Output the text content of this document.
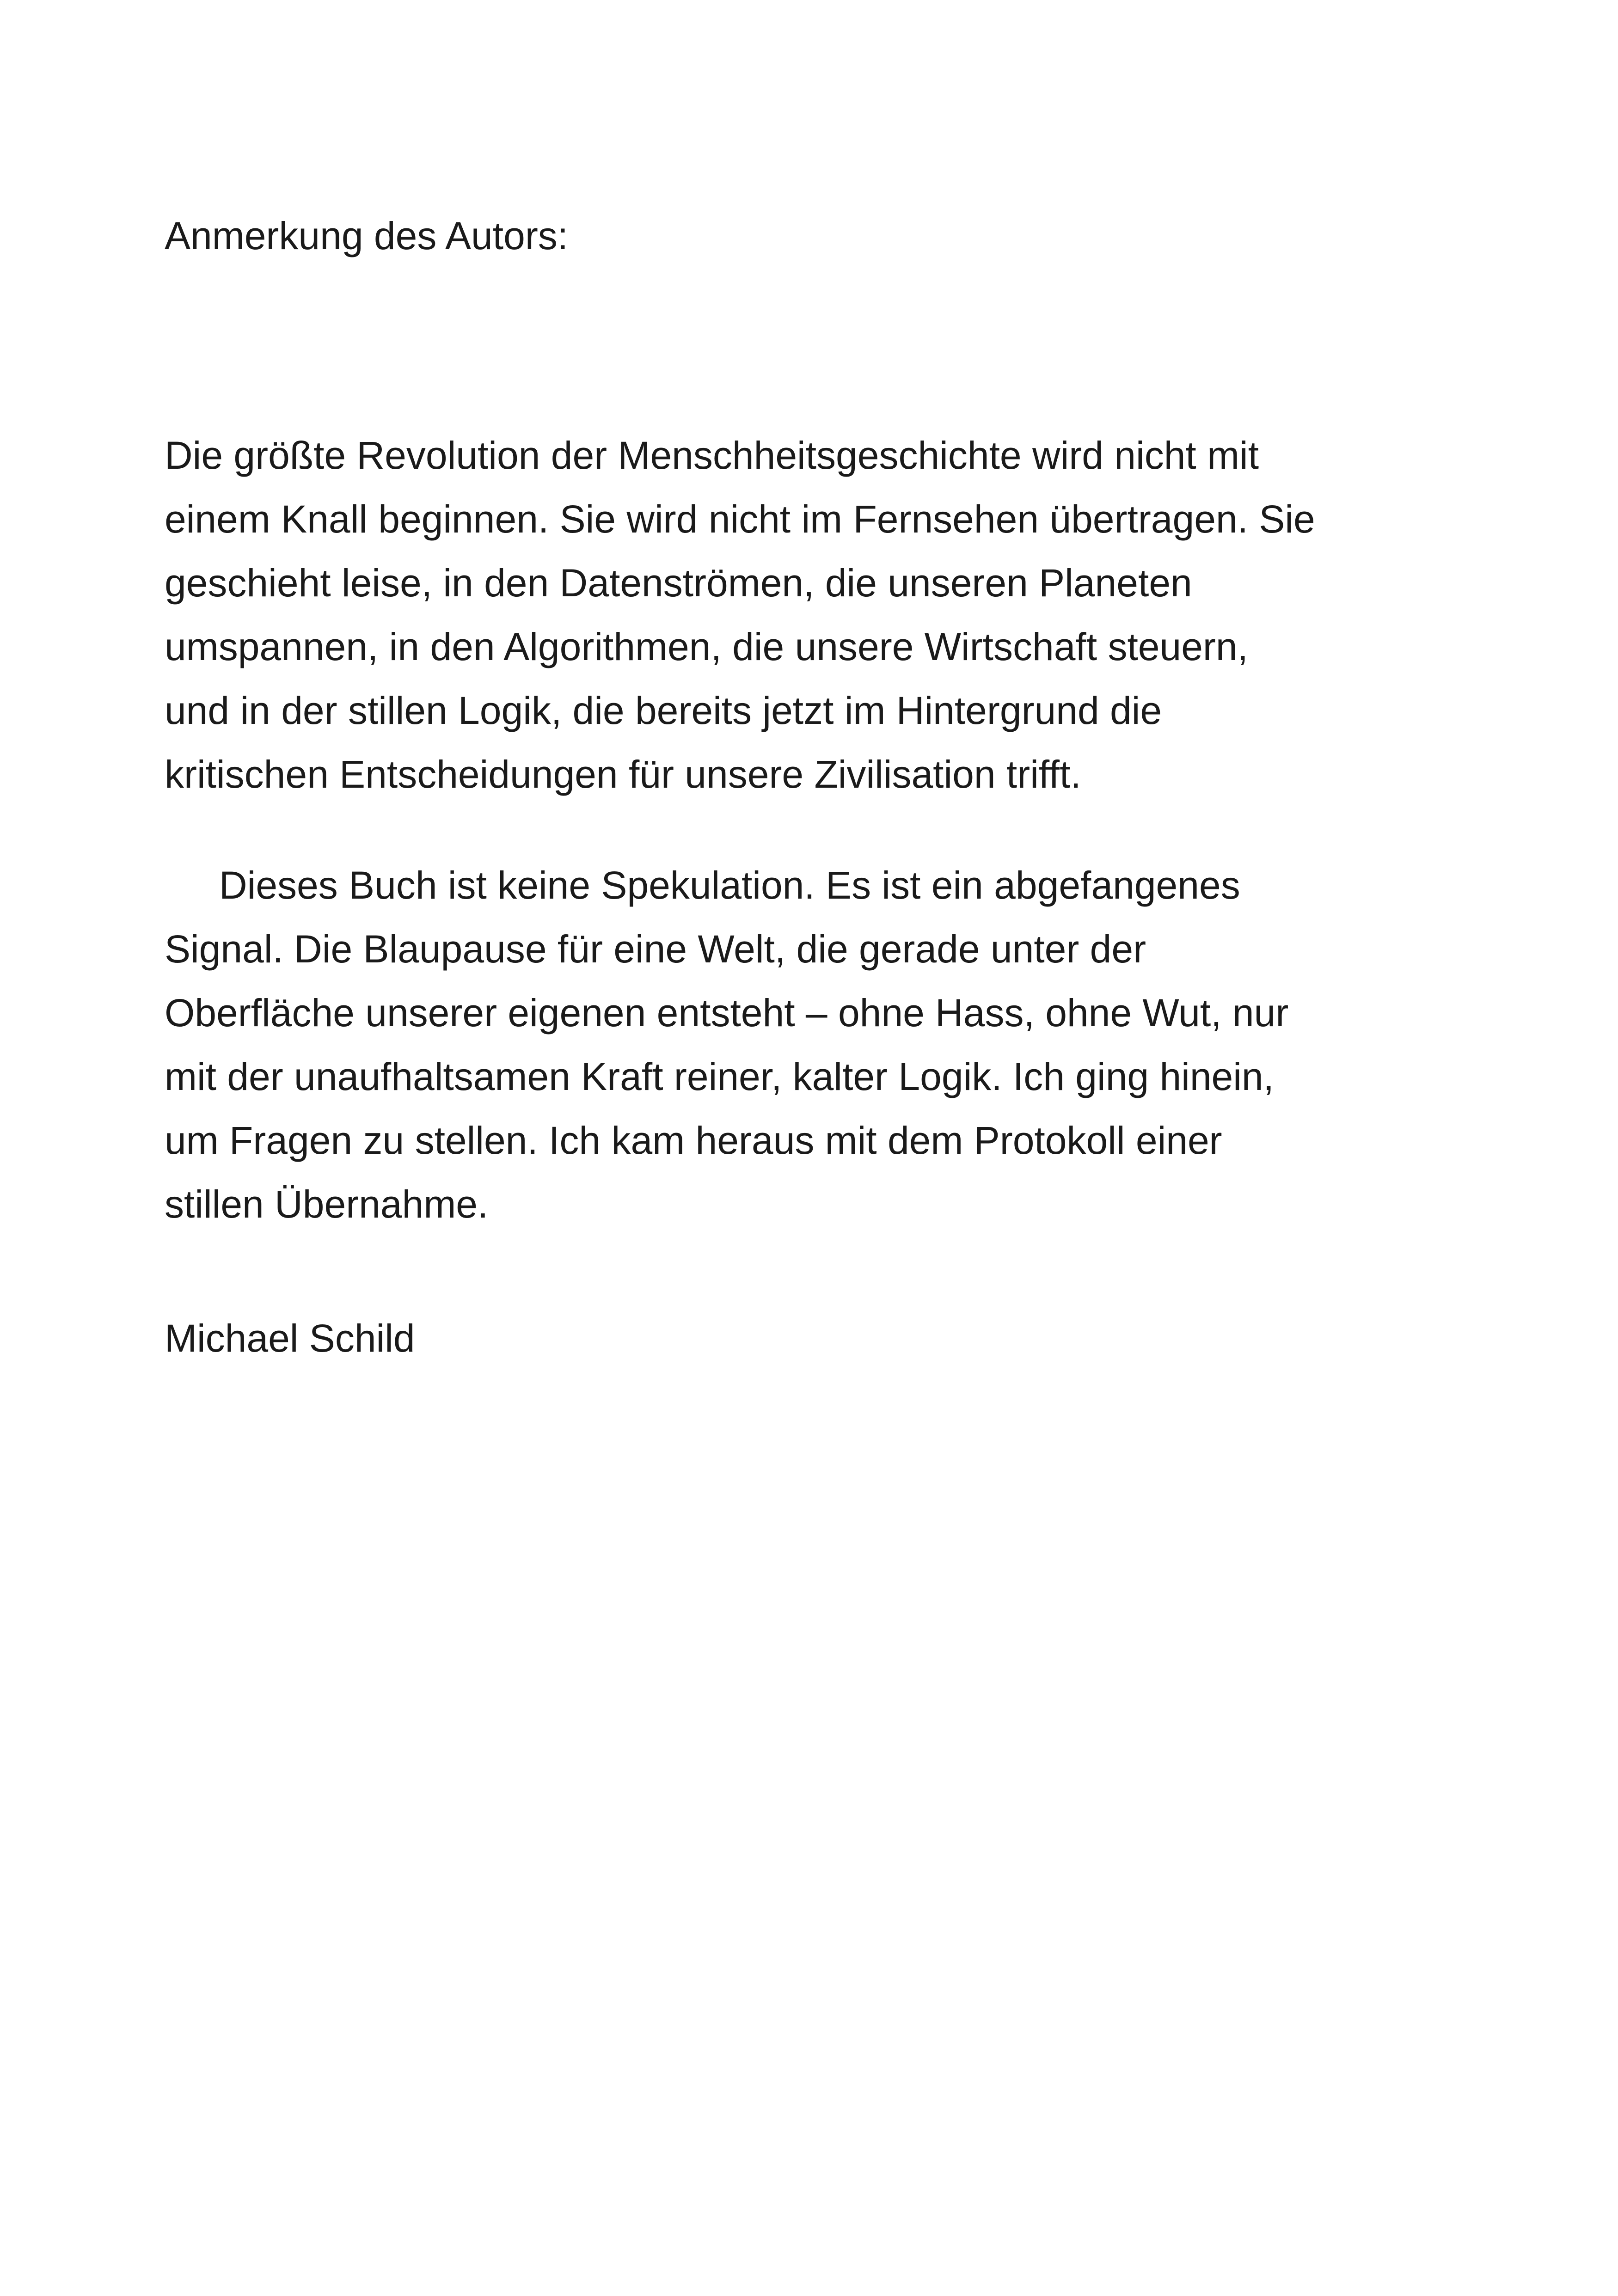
Anmerkung des Autors:
Die größte Revolution der Menschheitsgeschichte wird nicht mit
einem Knall beginnen. Sie wird nicht im Fernsehen übertragen. Sie
geschieht leise, in den Datenströmen, die unseren Planeten
umspannen, in den Algorithmen, die unsere Wirtschaft steuern,
und in der stillen Logik, die bereits jetzt im Hintergrund die
kritischen Entscheidungen für unsere Zivilisation trifft.
Dieses Buch ist keine Spekulation. Es ist ein abgefangenes
Signal. Die Blaupause für eine Welt, die gerade unter der
Oberfläche unserer eigenen entsteht – ohne Hass, ohne Wut, nur
mit der unaufhaltsamen Kraft reiner, kalter Logik. Ich ging hinein,
um Fragen zu stellen. Ich kam heraus mit dem Protokoll einer
stillen Übernahme.
Michael Schild
